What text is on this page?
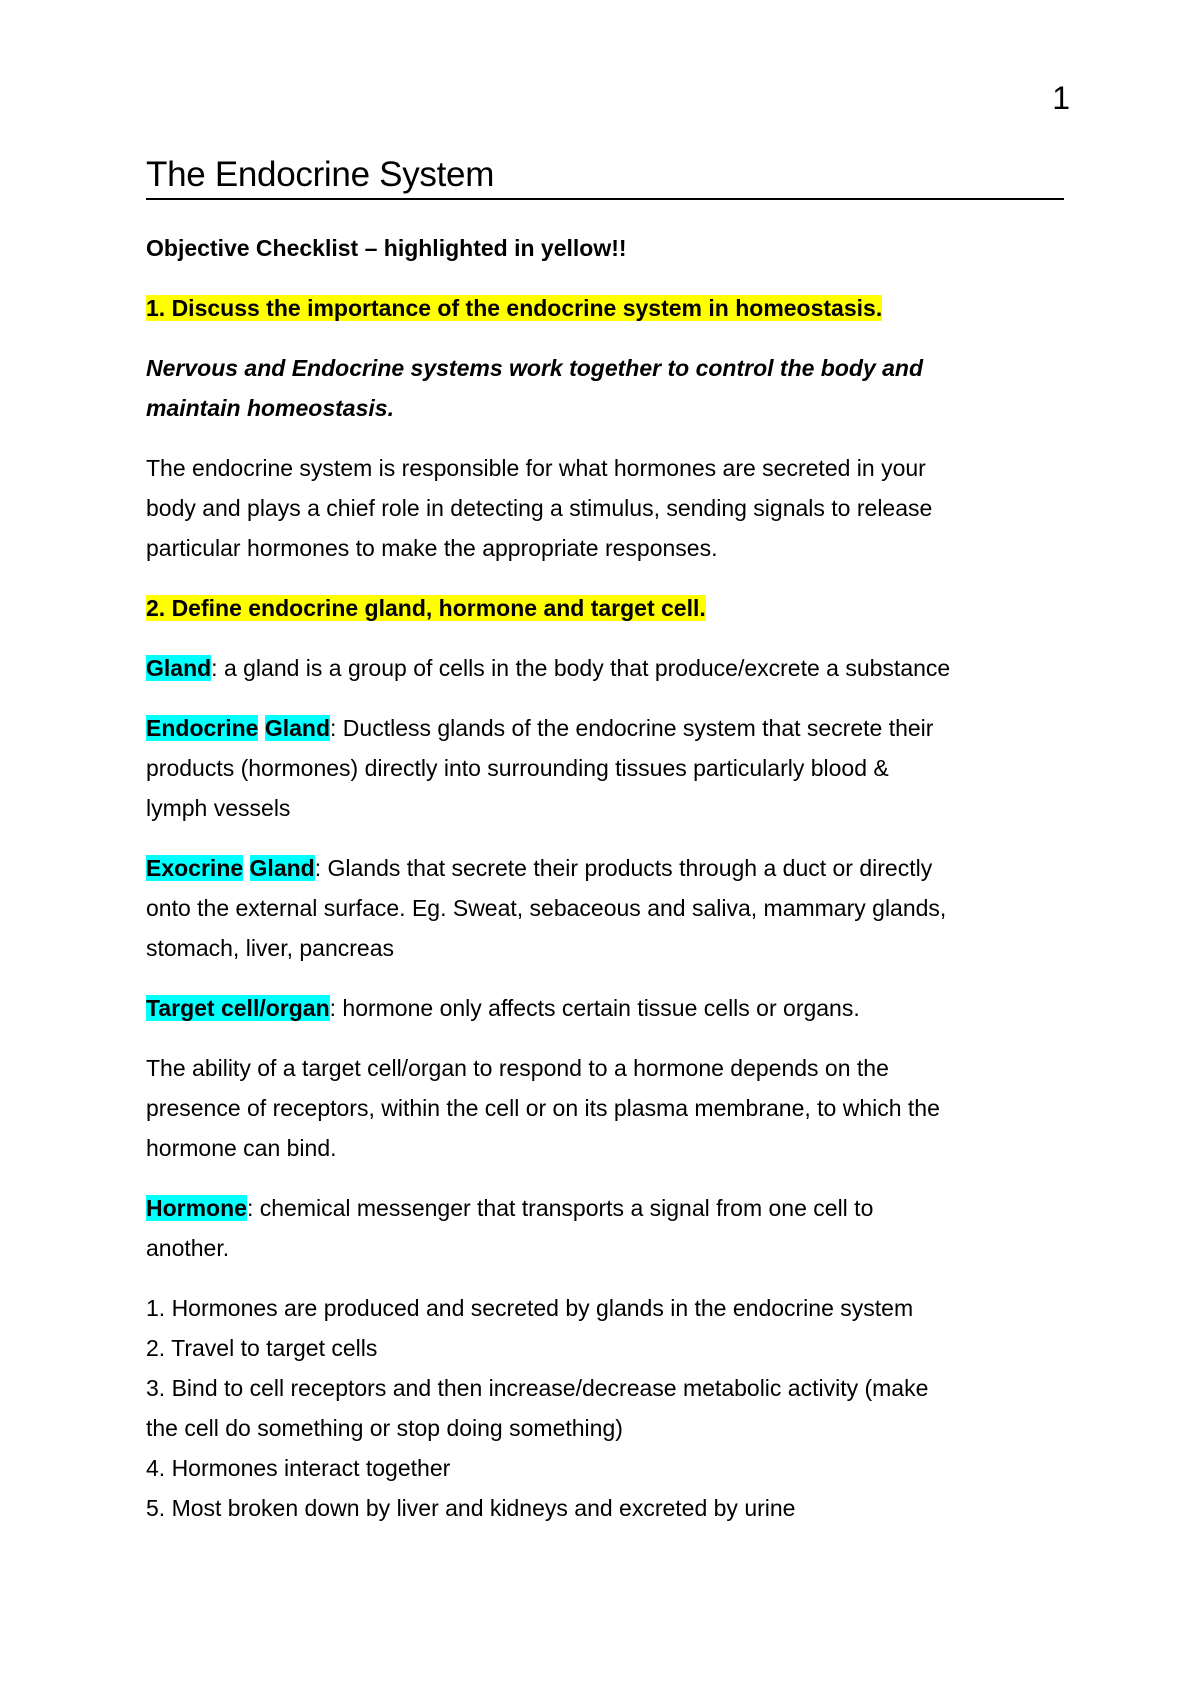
1
The Endocrine System

Objective Checklist – highlighted in yellow!!

1. Discuss the importance of the endocrine system in homeostasis.

Nervous and Endocrine systems work together to control the body and
maintain homeostasis.

The endocrine system is responsible for what hormones are secreted in your
body and plays a chief role in detecting a stimulus, sending signals to release
particular hormones to make the appropriate responses.

2. Define endocrine gland, hormone and target cell.

Gland: a gland is a group of cells in the body that produce/excrete a substance

Endocrine Gland: Ductless glands of the endocrine system that secrete their
products (hormones) directly into surrounding tissues particularly blood &
lymph vessels

Exocrine Gland: Glands that secrete their products through a duct or directly
onto the external surface. Eg. Sweat, sebaceous and saliva, mammary glands,
stomach, liver, pancreas

Target cell/organ: hormone only affects certain tissue cells or organs.

The ability of a target cell/organ to respond to a hormone depends on the
presence of receptors, within the cell or on its plasma membrane, to which the
hormone can bind.

Hormone: chemical messenger that transports a signal from one cell to
another.

1. Hormones are produced and secreted by glands in the endocrine system
2. Travel to target cells
3. Bind to cell receptors and then increase/decrease metabolic activity (make
the cell do something or stop doing something)
4. Hormones interact together
5. Most broken down by liver and kidneys and excreted by urine
